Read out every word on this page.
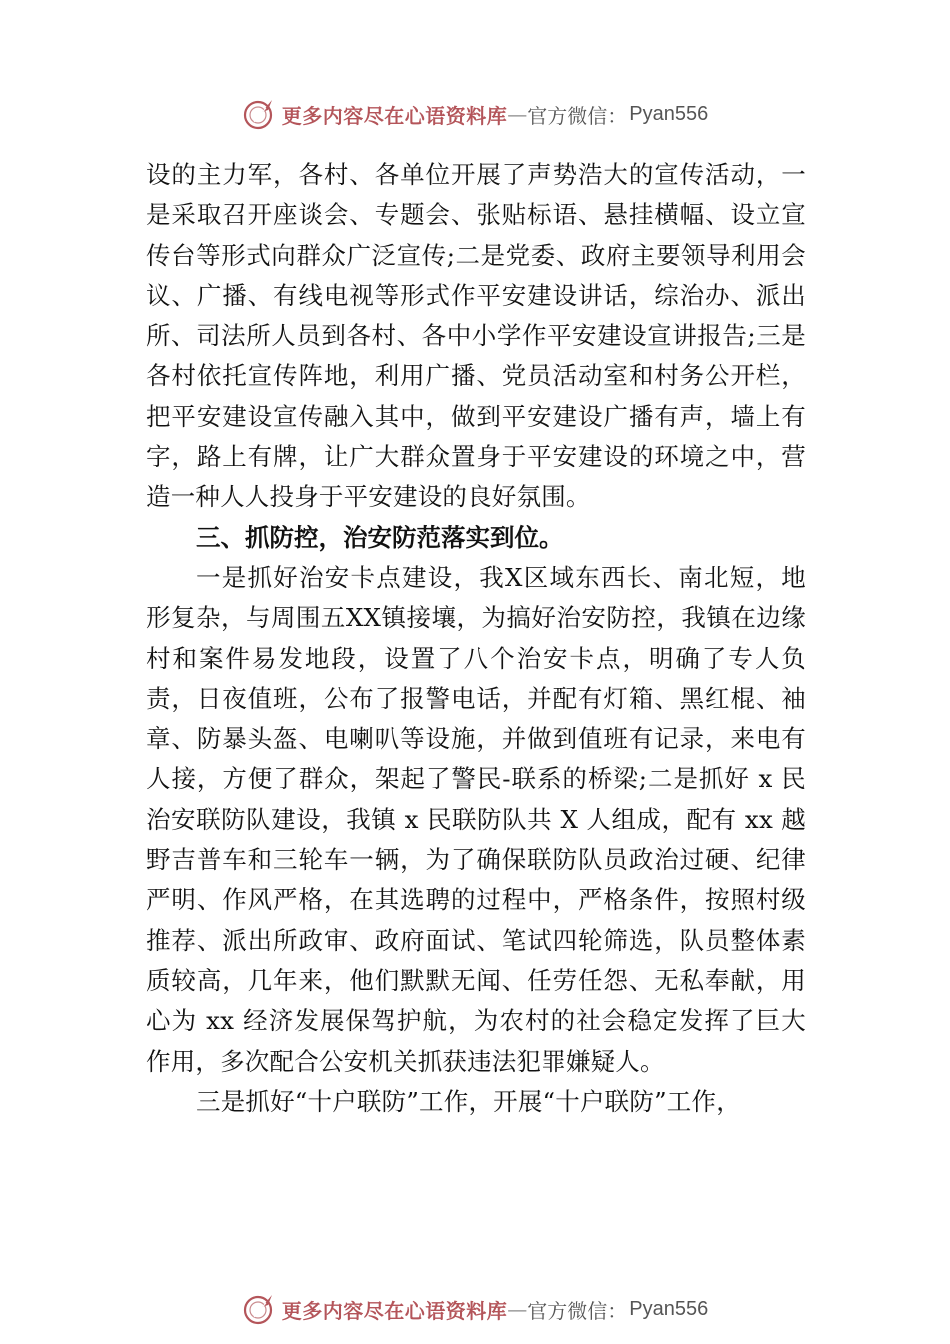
更多内容尽在心语资料库 — 官方微信： Pyan556

设的主力军，各村、各单位开展了声势浩大的宣传活动，一是采取召开座谈会、专题会、张贴标语、悬挂横幅、设立宣传台等形式向群众广泛宣传;二是党委、政府主要领导利用会议、广播、有线电视等形式作平安建设讲话，综治办、派出所、司法所人员到各村、各中小学作平安建设宣讲报告;三是各村依托宣传阵地，利用广播、党员活动室和村务公开栏，把平安建设宣传融入其中，做到平安建设广播有声，墙上有字，路上有牌，让广大群众置身于平安建设的环境之中，营造一种人人投身于平安建设的良好氛围。

三、抓防控，治安防范落实到位。

一是抓好治安卡点建设，我X区域东西长、南北短，地形复杂，与周围五XX镇接壤，为搞好治安防控，我镇在边缘村和案件易发地段，设置了八个治安卡点，明确了专人负责，日夜值班，公布了报警电话，并配有灯箱、黑红棍、袖章、防暴头盔、电喇叭等设施，并做到值班有记录，来电有人接，方便了群众，架起了警民-联系的桥梁;二是抓好 x 民治安联防队建设，我镇 x 民联防队共 X 人组成，配有 xx 越野吉普车和三轮车一辆，为了确保联防队员政治过硬、纪律严明、作风严格，在其选聘的过程中，严格条件，按照村级推荐、派出所政审、政府面试、笔试四轮筛选，队员整体素质较高，几年来，他们默默无闻、任劳任怨、无私奉献，用心为 xx 经济发展保驾护航，为农村的社会稳定发挥了巨大作用，多次配合公安机关抓获违法犯罪嫌疑人。

三是抓好“十户联防”工作，开展“十户联防”工作，

更多内容尽在心语资料库 — 官方微信： Pyan556
